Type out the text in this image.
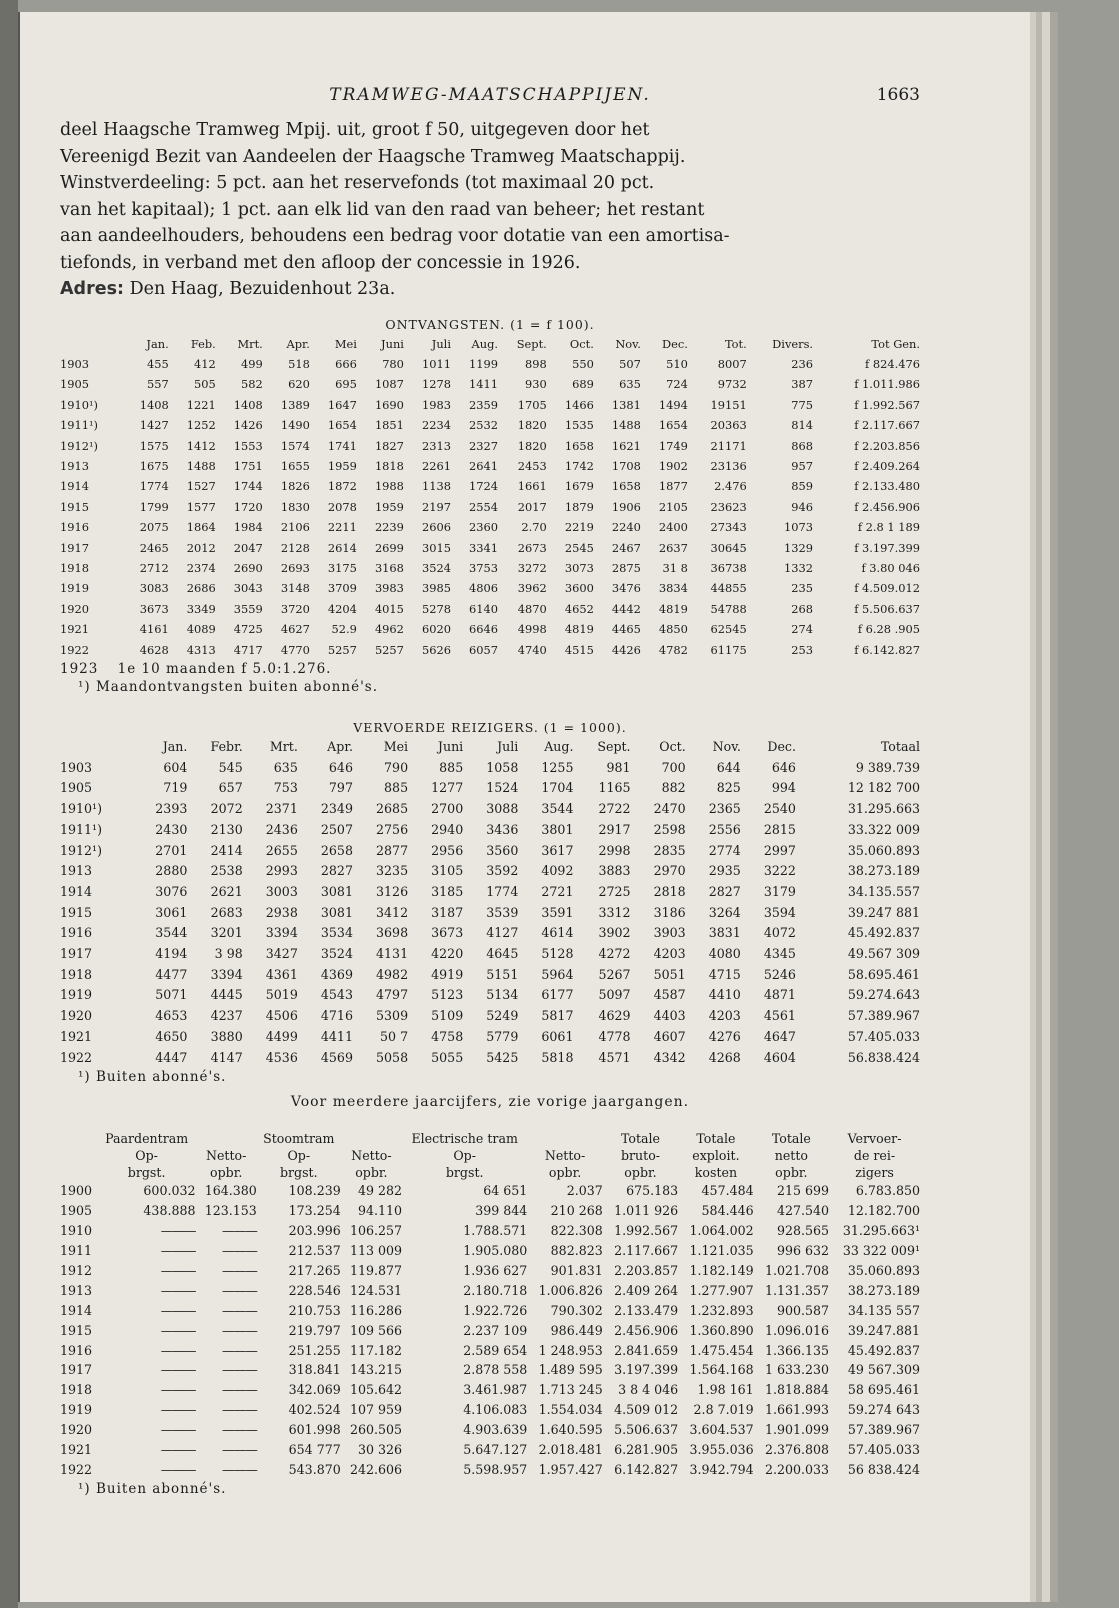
TRAMWEG-MAATSCHAPPIJEN.	1663

deel Haagsche Tramweg Mpij. uit, groot f 50, uitgegeven door het

Vereenigd Bezit van Aandeelen der Haagsche Tramweg Maatschappij.

Winstverdeeling: 5 pct. aan het reservefonds (tot maximaal 20 pct.

van het kapitaal); 1 pct. aan elk lid van den raad van beheer; het restant

aan aandeelhouders, behoudens een bedrag voor dotatie van een amortisa-

tiefonds, in verband met den afloop der concessie in 1926.

Adres: Den Haag, Bezuidenhout 23a.

ONTVANGSTEN. (1 = f 100).
	Jan.	Feb.	Mrt.	Apr.	Mei	Juni	Juli	Aug.	Sept.	Oct.	Nov.	Dec.	Tot.	Divers.	Tot Gen.
1903	455	412	499	518	666	780	1011	1199	898	550	507	510	8007	236	f 824.476
1905	557	505	582	620	695	1087	1278	1411	930	689	635	724	9732	387	f 1.011.986
1910¹)	1408	1221	1408	1389	1647	1690	1983	2359	1705	1466	1381	1494	19151	775	f 1.992.567
1911¹)	1427	1252	1426	1490	1654	1851	2234	2532	1820	1535	1488	1654	20363	814	f 2.117.667
1912¹)	1575	1412	1553	1574	1741	1827	2313	2327	1820	1658	1621	1749	21171	868	f 2.203.856
1913	1675	1488	1751	1655	1959	1818	2261	2641	2453	1742	1708	1902	23136	957	f 2.409.264
1914	1774	1527	1744	1826	1872	1988	1138	1724	1661	1679	1658	1877	2.476	859	f 2.133.480
1915	1799	1577	1720	1830	2078	1959	2197	2554	2017	1879	1906	2105	23623	946	f 2.456.906
1916	2075	1864	1984	2106	2211	2239	2606	2360	2.70	2219	2240	2400	27343	1073	f 2.8 1 189
1917	2465	2012	2047	2128	2614	2699	3015	3341	2673	2545	2467	2637	30645	1329	f 3.197.399
1918	2712	2374	2690	2693	3175	3168	3524	3753	3272	3073	2875	31 8	36738	1332	f 3.80 046
1919	3083	2686	3043	3148	3709	3983	3985	4806	3962	3600	3476	3834	44855	235	f 4.509.012
1920	3673	3349	3559	3720	4204	4015	5278	6140	4870	4652	4442	4819	54788	268	f 5.506.637
1921	4161	4089	4725	4627	52.9	4962	6020	6646	4998	4819	4465	4850	62545	274	f 6.28 .905
1922	4628	4313	4717	4770	5257	5257	5626	6057	4740	4515	4426	4782	61175	253	f 6.142.827
1923 1e 10 maanden f 5.0:1.276.
¹) Maandontvangsten buiten abonné's.
VERVOERDE REIZIGERS. (1 = 1000).
	Jan.	Febr.	Mrt.	Apr.	Mei	Juni	Juli	Aug.	Sept.	Oct.	Nov.	Dec.	Totaal
1903	604	545	635	646	790	885	1058	1255	981	700	644	646	9 389.739
1905	719	657	753	797	885	1277	1524	1704	1165	882	825	994	12 182 700
1910¹)	2393	2072	2371	2349	2685	2700	3088	3544	2722	2470	2365	2540	31.295.663
1911¹)	2430	2130	2436	2507	2756	2940	3436	3801	2917	2598	2556	2815	33.322 009
1912¹)	2701	2414	2655	2658	2877	2956	3560	3617	2998	2835	2774	2997	35.060.893
1913	2880	2538	2993	2827	3235	3105	3592	4092	3883	2970	2935	3222	38.273.189
1914	3076	2621	3003	3081	3126	3185	1774	2721	2725	2818	2827	3179	34.135.557
1915	3061	2683	2938	3081	3412	3187	3539	3591	3312	3186	3264	3594	39.247 881
1916	3544	3201	3394	3534	3698	3673	4127	4614	3902	3903	3831	4072	45.492.837
1917	4194	3 98	3427	3524	4131	4220	4645	5128	4272	4203	4080	4345	49.567 309
1918	4477	3394	4361	4369	4982	4919	5151	5964	5267	5051	4715	5246	58.695.461
1919	5071	4445	5019	4543	4797	5123	5134	6177	5097	4587	4410	4871	59.274.643
1920	4653	4237	4506	4716	5309	5109	5249	5817	4629	4403	4203	4561	57.389.967
1921	4650	3880	4499	4411	50 7	4758	5779	6061	4778	4607	4276	4647	57.405.033
1922	4447	4147	4536	4569	5058	5055	5425	5818	4571	4342	4268	4604	56.838.424
¹) Buiten abonné's.
Voor meerdere jaarcijfers, zie vorige jaargangen.
	Paardentram		Stoomtram		Electrische tram		Totale	Totale	Totale	Vervoer-
	Op-	Netto-	Op-	Netto-	Op-	Netto-	bruto-	exploit.	netto	de rei-
	brgst.	opbr.	brgst.	opbr.	brgst.	opbr.	opbr.	kosten	opbr.	zigers
1900	600.032	164.380	108.239	49 282	64 651	2.037	675.183	457.484	215 699	6.783.850
1905	438.888	123.153	173.254	94.110	399 844	210 268	1.011 926	584.446	427.540	12.182.700
1910	———	———	203.996	106.257	1.788.571	822.308	1.992.567	1.064.002	928.565	31.295.663¹
1911	———	———	212.537	113 009	1.905.080	882.823	2.117.667	1.121.035	996 632	33 322 009¹
1912	———	———	217.265	119.877	1.936 627	901.831	2.203.857	1.182.149	1.021.708	35.060.893
1913	———	———	228.546	124.531	2.180.718	1.006.826	2.409 264	1.277.907	1.131.357	38.273.189
1914	———	———	210.753	116.286	1.922.726	790.302	2.133.479	1.232.893	900.587	34.135 557
1915	———	———	219.797	109 566	2.237 109	986.449	2.456.906	1.360.890	1.096.016	39.247.881
1916	———	———	251.255	117.182	2.589 654	1 248.953	2.841.659	1.475.454	1.366.135	45.492.837
1917	———	———	318.841	143.215	2.878 558	1.489 595	3.197.399	1.564.168	1 633.230	49 567.309
1918	———	———	342.069	105.642	3.461.987	1.713 245	3 8 4 046	1.98 161	1.818.884	58 695.461
1919	———	———	402.524	107 959	4.106.083	1.554.034	4.509 012	2.8 7.019	1.661.993	59.274 643
1920	———	———	601.998	260.505	4.903.639	1.640.595	5.506.637	3.604.537	1.901.099	57.389.967
1921	———	———	654 777	30 326	5.647.127	2.018.481	6.281.905	3.955.036	2.376.808	57.405.033
1922	———	———	543.870	242.606	5.598.957	1.957.427	6.142.827	3.942.794	2.200.033	56 838.424
¹) Buiten abonné's.
